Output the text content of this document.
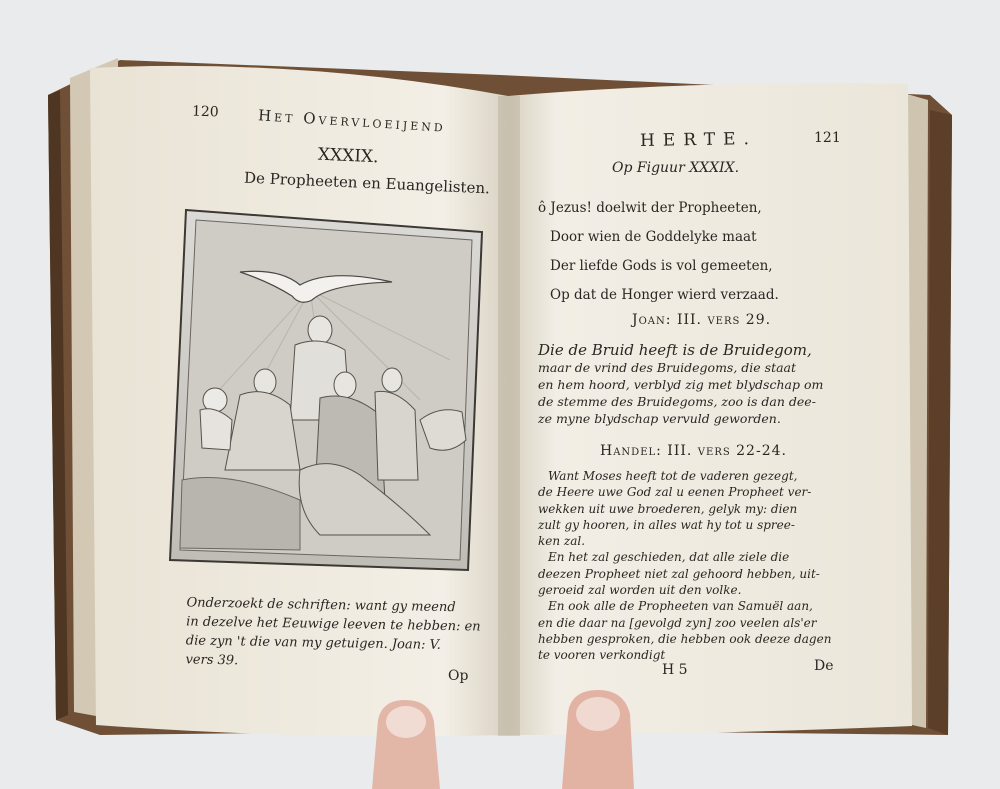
120	Het Overvloeijend
XXXIX.
De Propheeten en Euangelisten.
Onderzoekt de schriften: want gy meend
in dezelve het Eeuwige leeven te hebben: en
die zyn 't die van my getuigen. Joan: V.
vers 39.
Op
HERTE.	121
Op Figuur XXXIX.
ô Jezus! doelwit der Propheeten,
Door wien de Goddelyke maat
Der liefde Gods is vol gemeeten,
Op dat de Honger wierd verzaad.
Joan: III. vers 29.
Die de Bruid heeft is de Bruidegom,
maar de vrind des Bruidegoms, die staat
en hem hoord, verblyd zig met blydschap om
de stemme des Bruidegoms, zoo is dan dee-
ze myne blydschap vervuld geworden.
Handel: III. vers 22-24.
Want Moses heeft tot de vaderen gezegt,
de Heere uwe God zal u eenen Propheet ver-
wekken uit uwe broederen, gelyk my: dien
zult gy hooren, in alles wat hy tot u spree-
ken zal.
En het zal geschieden, dat alle ziele die
deezen Propheet niet zal gehoord hebben, uit-
geroeid zal worden uit den volke.
En ook alle de Propheeten van Samuël aan,
en die daar na [gevolgd zyn] zoo veelen als'er
hebben gesproken, die hebben ook deeze dagen
te vooren verkondigt
H 5	De
